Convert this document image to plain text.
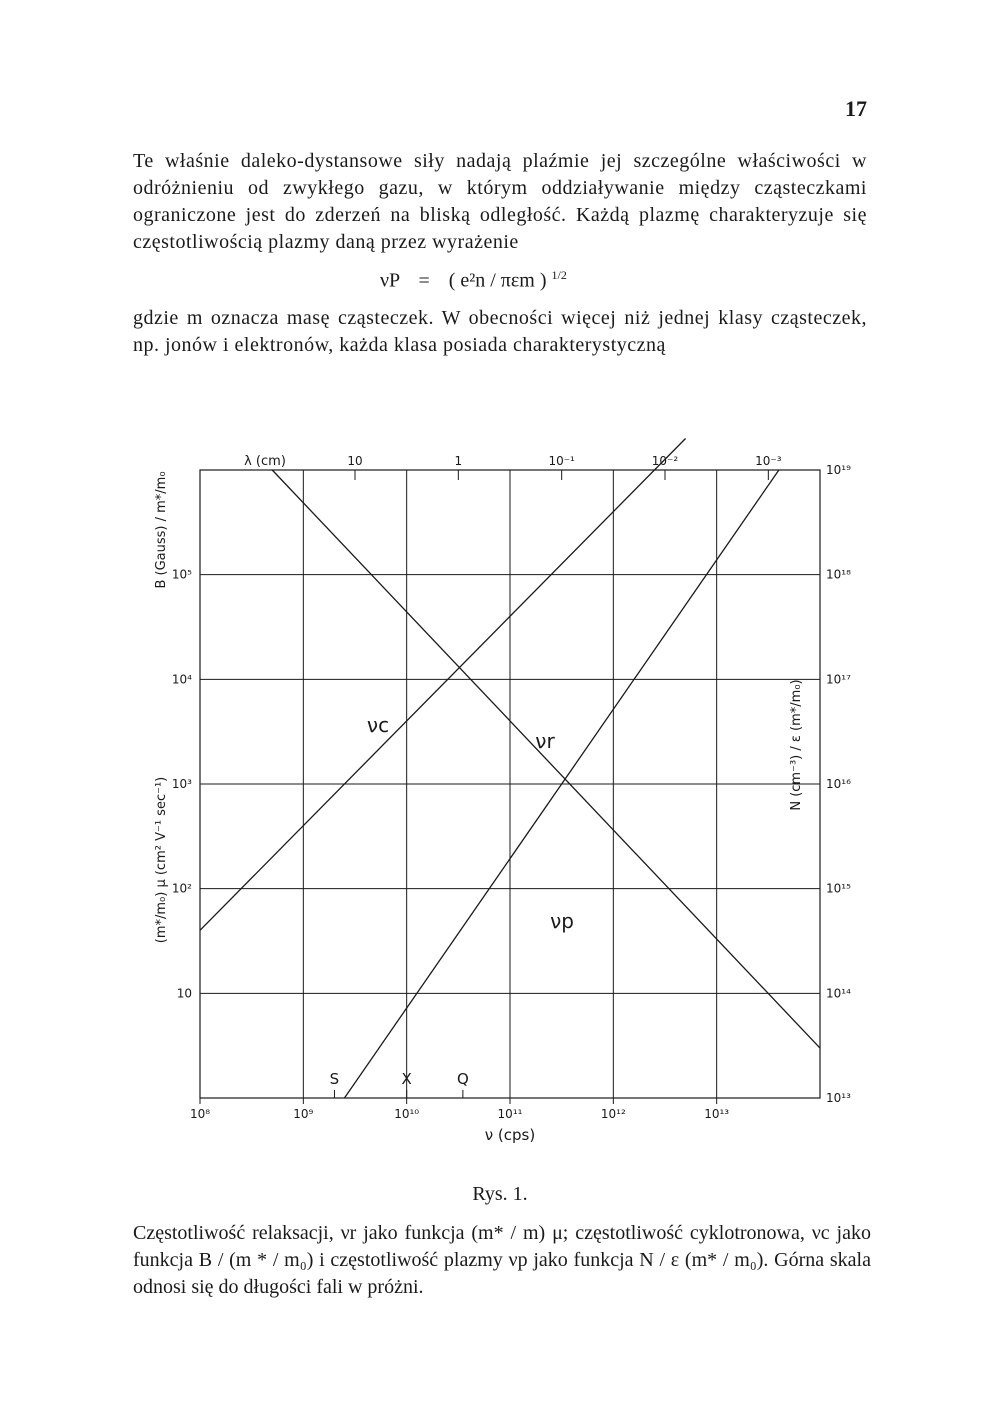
17

Te właśnie daleko-dystansowe siły nadają plaźmie jej szczególne właściwości w odróżnieniu od zwykłego gazu, w którym oddziaływanie między cząsteczkami ograniczone jest do zderzeń na bliską odległość. Każdą plazmę charakteryzuje się częstotliwością plazmy daną przez wyrażenie

νP = ( e²n / πεm ) $^{1/2}$

gdzie m oznacza masę cząsteczek. W obecności więcej niż jednej klasy cząsteczek, np. jonów i elektronów, każda klasa posiada charakterystyczną

10⁸	10⁹	10¹⁰	10¹¹	10¹²	10¹³
ν (cps)
10	1	10⁻¹	10⁻²	10⁻³
λ (cm)
10⁵
10⁴
10³
10²
10
B (Gauss) / m*/m₀
(m*/m₀) μ (cm² V⁻¹ sec⁻¹)
10¹⁹
10¹⁸
10¹⁷
10¹⁶
10¹⁵
10¹⁴
10¹³
N (cm⁻³) / ε (m*/m₀)
νc
νr
νp
S	X	Q
Rys. 1.

Częstotliwość relaksacji, νr jako funkcja (m* / m) μ; częstotliwość cyklotronowa, νc jako funkcja B / (m * / m₀) i częstotliwość plazmy νp jako funkcja N / ε (m* / m₀). Górna skala odnosi się do długości fali w próżni.
